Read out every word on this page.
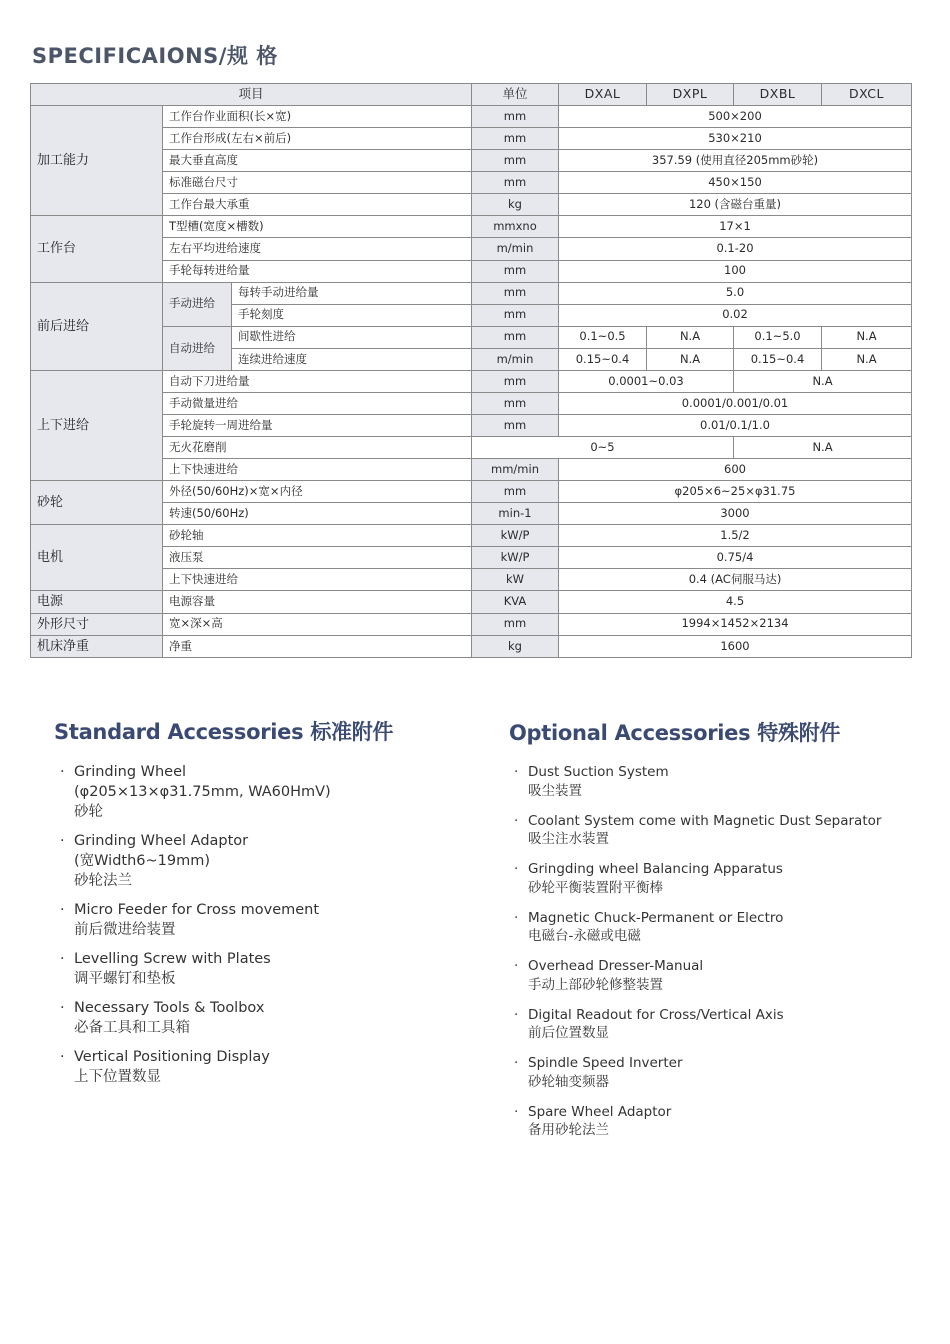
SPECIFICAIONS/规 格
项目			单位	DXAL	DXPL	DXBL	DXCL
加工能力	工作台作业面积(长×宽)		mm	500×200			
	工作台形成(左右×前后)		mm	530×210			
	最大垂直高度		mm	357.59 (使用直径205mm砂轮)			
	标准磁台尺寸		mm	450×150			
	工作台最大承重		kg	120 (含磁台重量)			
工作台	T型槽(宽度×槽数)		mmxno	17×1			
	左右平均进给速度		m/min	0.1-20			
	手轮每转进给量		mm	100			
前后进给	手动进给	每转手动进给量	mm	5.0			
		手轮刻度	mm	0.02			
	自动进给	间歇性进给	mm	0.1~0.5	N.A	0.1~5.0	N.A
		连续进给速度	m/min	0.15~0.4	N.A	0.15~0.4	N.A
上下进给	自动下刀进给量		mm	0.0001~0.03		N.A	
	手动微量进给		mm	0.0001/0.001/0.01			
	手轮旋转一周进给量		mm	0.01/0.1/1.0			
	无火花磨削		0~5			N.A	
	上下快速进给		mm/min	600			
砂轮	外径(50/60Hz)×宽×内径		mm	φ205×6~25×φ31.75			
	转速(50/60Hz)		min-1	3000			
电机	砂轮轴		kW/P	1.5/2			
	液压泵		kW/P	0.75/4			
	上下快速进给		kW	0.4 (AC伺服马达)			
电源	电源容量		KVA	4.5			
外形尺寸	宽×深×高		mm	1994×1452×2134			
机床净重	净重		kg	1600			
Standard Accessories 标准附件
· Grinding Wheel
(φ205×13×φ31.75mm, WA60HmV)
砂轮
· Grinding Wheel Adaptor
(宽Width6~19mm)
砂轮法兰
· Micro Feeder for Cross movement
前后微进给装置
· Levelling Screw with Plates
调平螺钉和垫板
· Necessary Tools & Toolbox
必备工具和工具箱
· Vertical Positioning Display
上下位置数显
Optional Accessories 特殊附件
· Dust Suction System
吸尘装置
· Coolant System come with Magnetic Dust Separator
吸尘注水装置
· Gringding wheel Balancing Apparatus
砂轮平衡装置附平衡棒
· Magnetic Chuck-Permanent or Electro
电磁台-永磁或电磁
· Overhead Dresser-Manual
手动上部砂轮修整装置
· Digital Readout for Cross/Vertical Axis
前后位置数显
· Spindle Speed Inverter
砂轮轴变频器
· Spare Wheel Adaptor
备用砂轮法兰
